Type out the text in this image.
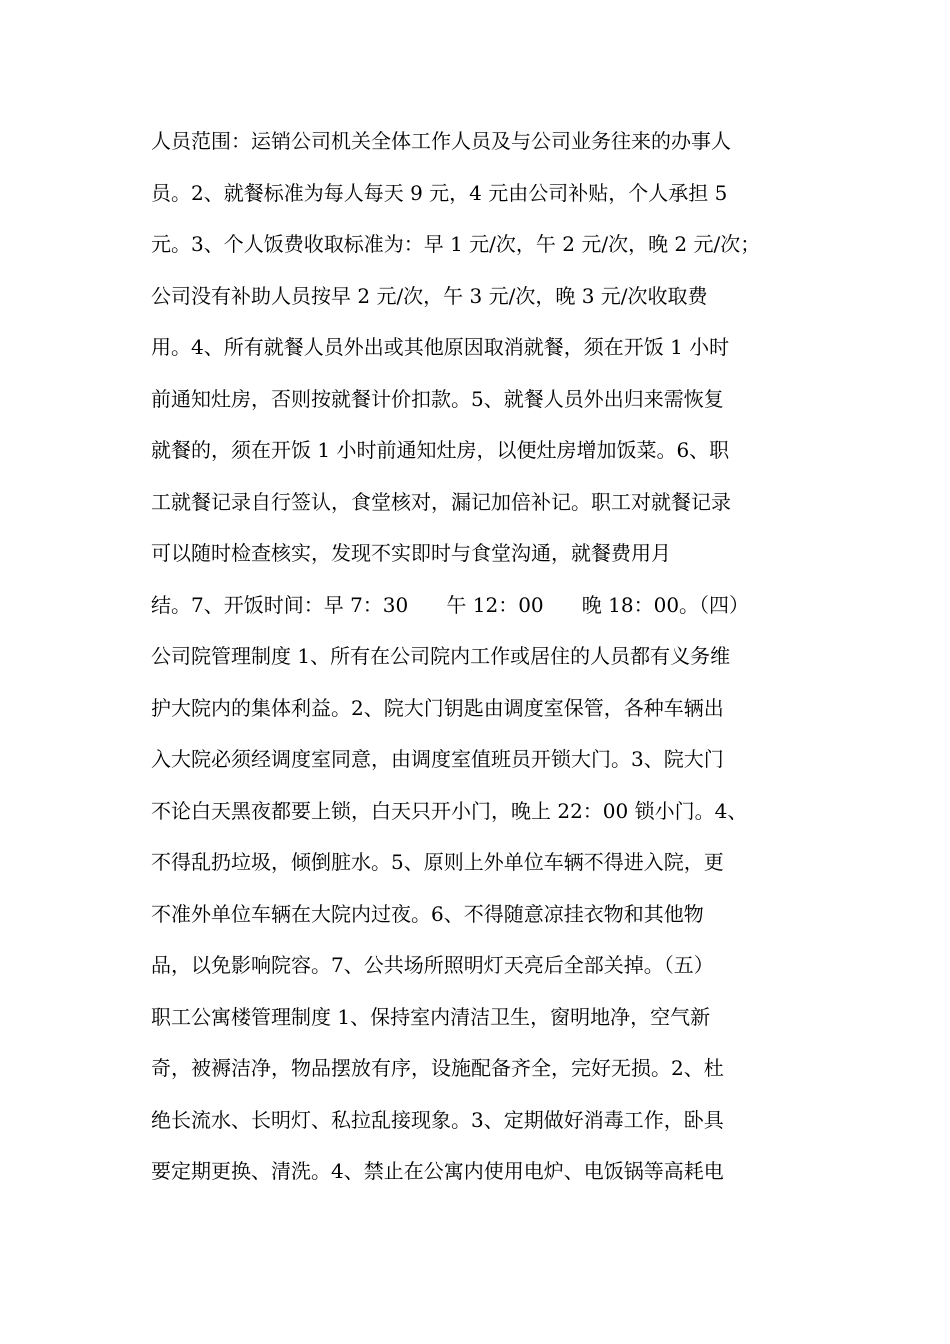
人员范围：运销公司机关全体工作人员及与公司业务往来的办事人
员。2、就餐标准为每人每天 9 元，4 元由公司补贴，个人承担 5
元。3、个人饭费收取标准为：早 1 元/次，午 2 元/次，晚 2 元/次；
公司没有补助人员按早 2 元/次，午 3 元/次，晚 3 元/次收取费
用。4、所有就餐人员外出或其他原因取消就餐，须在开饭 1 小时
前通知灶房，否则按就餐计价扣款。5、就餐人员外出归来需恢复
就餐的，须在开饭 1 小时前通知灶房，以便灶房增加饭菜。6、职
工就餐记录自行签认，食堂核对，漏记加倍补记。职工对就餐记录
可以随时检查核实，发现不实即时与食堂沟通，就餐费用月
结。7、开饭时间：早 7：30      午 12：00      晚 18：00。（四）
公司院管理制度 1、所有在公司院内工作或居住的人员都有义务维
护大院内的集体利益。2、院大门钥匙由调度室保管，各种车辆出
入大院必须经调度室同意，由调度室值班员开锁大门。3、院大门
不论白天黑夜都要上锁，白天只开小门，晚上 22：00 锁小门。4、
不得乱扔垃圾，倾倒脏水。5、原则上外单位车辆不得进入院，更
不准外单位车辆在大院内过夜。6、不得随意凉挂衣物和其他物
品，以免影响院容。7、公共场所照明灯天亮后全部关掉。（五）
职工公寓楼管理制度 1、保持室内清洁卫生，窗明地净，空气新
奇，被褥洁净，物品摆放有序，设施配备齐全，完好无损。2、杜
绝长流水、长明灯、私拉乱接现象。3、定期做好消毒工作，卧具
要定期更换、清洗。4、禁止在公寓内使用电炉、电饭锅等高耗电
